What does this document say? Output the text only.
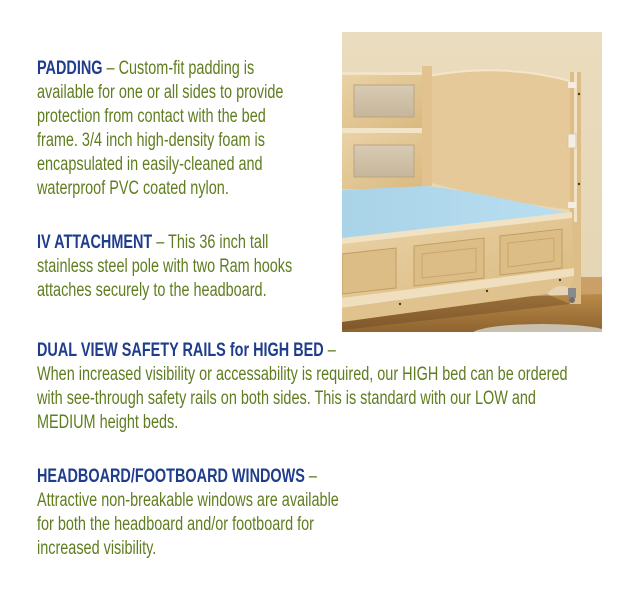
PADDING – Custom-fit padding is
available for one or all sides to provide
protection from contact with the bed
frame. 3/4 inch high-density foam is
encapsulated in easily-cleaned and
waterproof PVC coated nylon.
IV ATTACHMENT – This 36 inch tall
stainless steel pole with two Ram hooks
attaches securely to the headboard.
DUAL VIEW SAFETY RAILS for HIGH BED –
When increased visibility or accessability is required, our HIGH bed can be ordered
with see-through safety rails on both sides. This is standard with our LOW and
MEDIUM height beds.
HEADBOARD/FOOTBOARD WINDOWS –
Attractive non-breakable windows are available
for both the headboard and/or footboard for
increased visibility.
